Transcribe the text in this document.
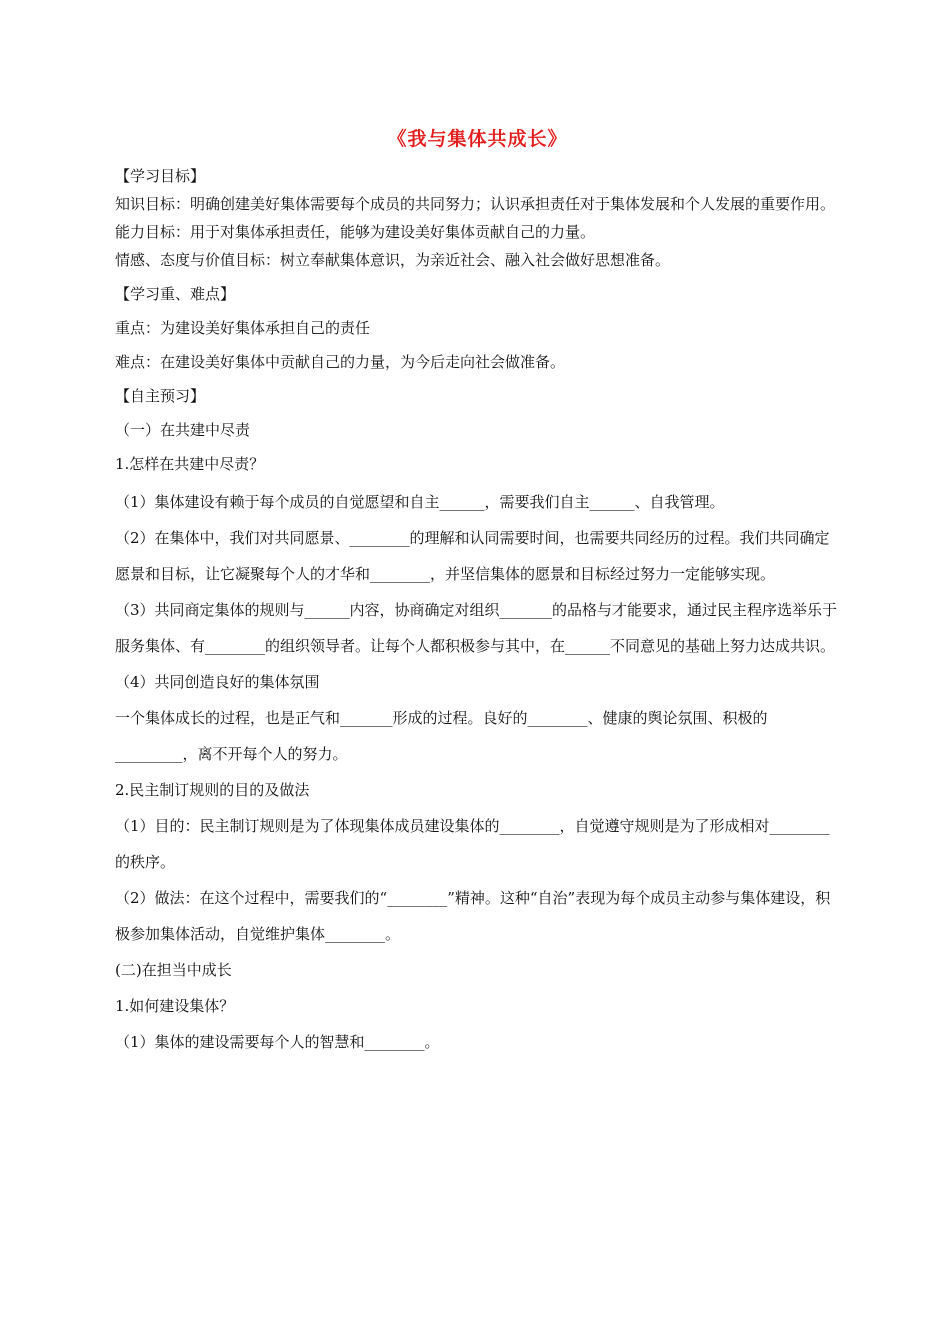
《我与集体共成长》

【学习目标】

知识目标：明确创建美好集体需要每个成员的共同努力；认识承担责任对于集体发展和个人发展的重要作用。

能力目标：用于对集体承担责任，能够为建设美好集体贡献自己的力量。

情感、态度与价值目标：树立奉献集体意识，为亲近社会、融入社会做好思想准备。

【学习重、难点】

重点：为建设美好集体承担自己的责任

难点：在建设美好集体中贡献自己的力量，为今后走向社会做准备。

【自主预习】

（一）在共建中尽责

1.怎样在共建中尽责？

（1）集体建设有赖于每个成员的自觉愿望和自主______，需要我们自主______、自我管理。

（2）在集体中，我们对共同愿景、________的理解和认同需要时间，也需要共同经历的过程。我们共同确定愿景和目标，让它凝聚每个人的才华和________，并坚信集体的愿景和目标经过努力一定能够实现。

（3）共同商定集体的规则与______内容，协商确定对组织_______的品格与才能要求，通过民主程序选举乐于服务集体、有________的组织领导者。让每个人都积极参与其中，在______不同意见的基础上努力达成共识。

（4）共同创造良好的集体氛围

一个集体成长的过程，也是正气和_______形成的过程。良好的________、健康的舆论氛围、积极的_________，离不开每个人的努力。

2.民主制订规则的目的及做法

（1）目的：民主制订规则是为了体现集体成员建设集体的________，自觉遵守规则是为了形成相对________的秩序。

（2）做法：在这个过程中，需要我们的“________”精神。这种“自治”表现为每个成员主动参与集体建设，积极参加集体活动，自觉维护集体________。

(二)在担当中成长

1.如何建设集体？

（1）集体的建设需要每个人的智慧和________。
